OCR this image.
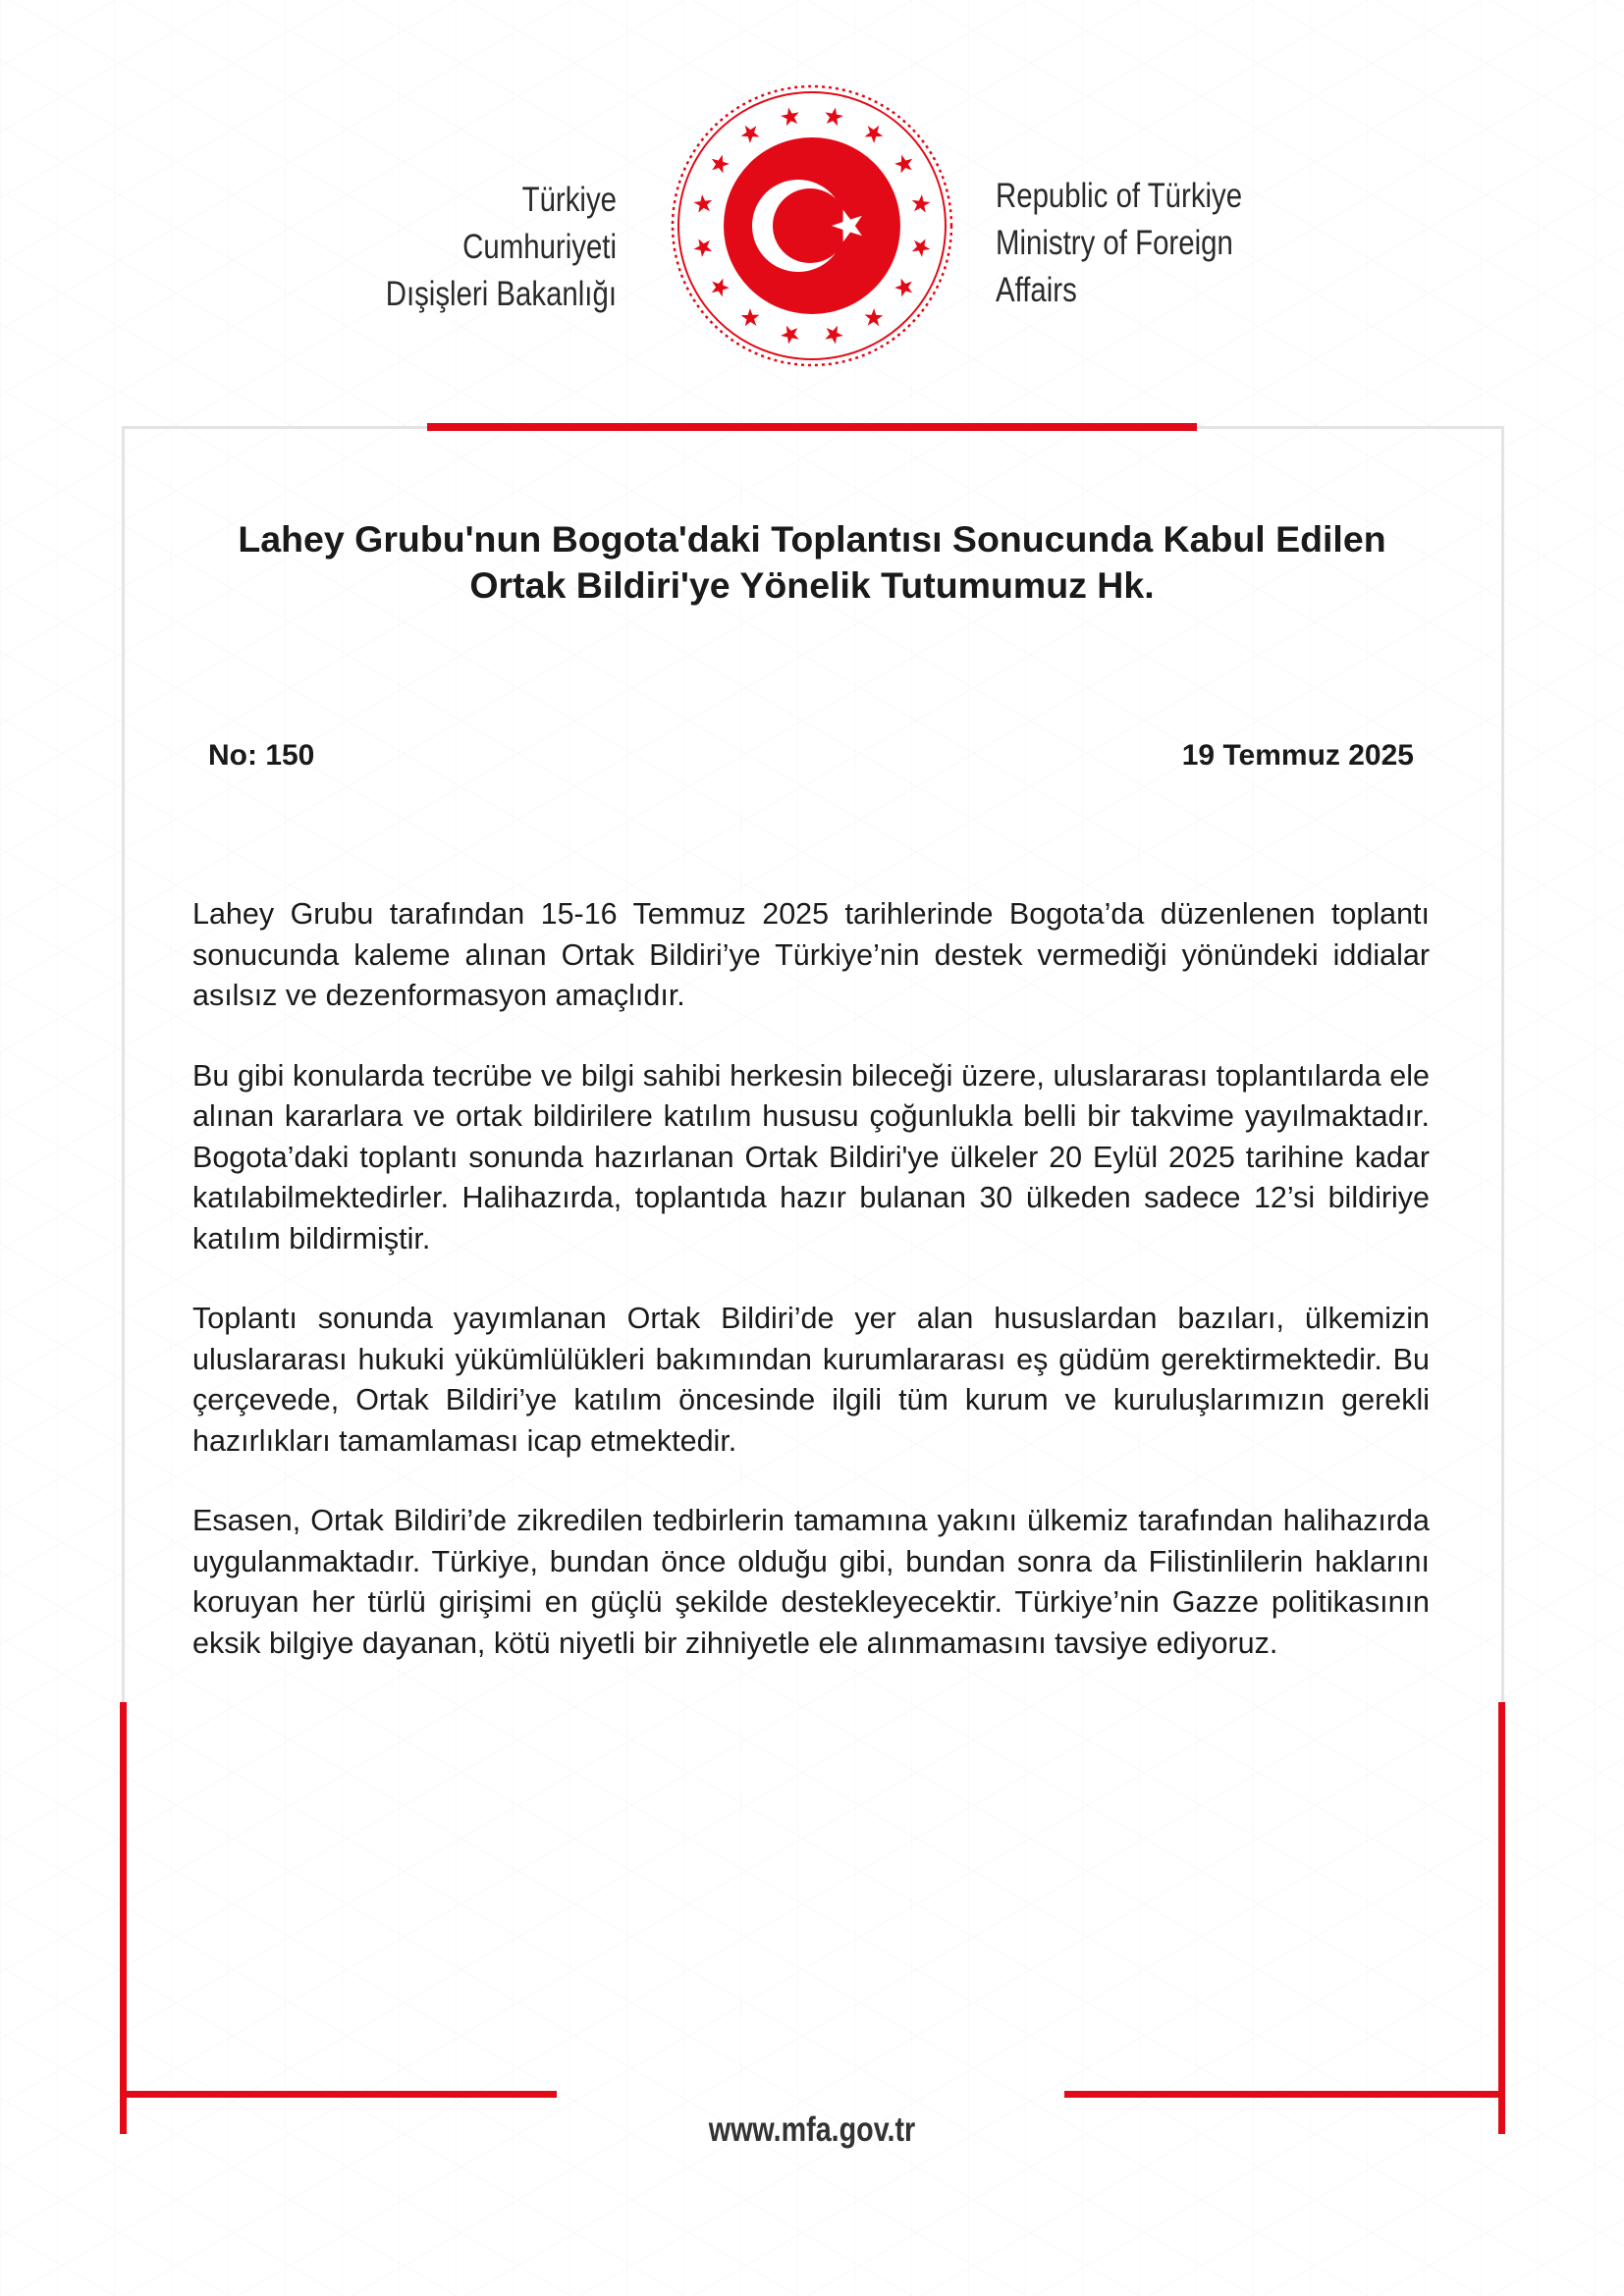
Türkiye Cumhuriyeti
Dışişleri Bakanlığı
Republic of Türkiye
Ministry of Foreign Affairs
Lahey Grubu'nun Bogota'daki Toplantısı Sonucunda Kabul Edilen
Ortak Bildiri'ye Yönelik Tutumumuz Hk.
No: 150	19 Temmuz 2025

Lahey Grubu tarafından 15-16 Temmuz 2025 tarihlerinde Bogota’da düzenlenen toplantı sonucunda kaleme alınan Ortak Bildiri’ye Türkiye’nin destek vermediği yönündeki iddialar asılsız ve dezenformasyon amaçlıdır.

Bu gibi konularda tecrübe ve bilgi sahibi herkesin bileceği üzere, uluslararası toplantılarda ele alınan kararlara ve ortak bildirilere katılım hususu çoğunlukla belli bir takvime yayılmaktadır. Bogota’daki toplantı sonunda hazırlanan Ortak Bildiri'ye ülkeler 20 Eylül 2025 tarihine kadar katılabilmektedirler. Halihazırda, toplantıda hazır bulanan 30 ülkeden sadece 12’si bildiriye katılım bildirmiştir.

Toplantı sonunda yayımlanan Ortak Bildiri’de yer alan hususlardan bazıları, ülkemizin uluslararası hukuki yükümlülükleri bakımından kurumlararası eş güdüm gerektirmektedir. Bu çerçevede, Ortak Bildiri’ye katılım öncesinde ilgili tüm kurum ve kuruluşlarımızın gerekli hazırlıkları tamamlaması icap etmektedir.

Esasen, Ortak Bildiri’de zikredilen tedbirlerin tamamına yakını ülkemiz tarafından halihazırda uygulanmaktadır. Türkiye, bundan önce olduğu gibi, bundan sonra da Filistinlilerin haklarını koruyan her türlü girişimi en güçlü şekilde destekleyecektir. Türkiye’nin Gazze politikasının eksik bilgiye dayanan, kötü niyetli bir zihniyetle ele alınmamasını tavsiye ediyoruz.

www.mfa.gov.tr
